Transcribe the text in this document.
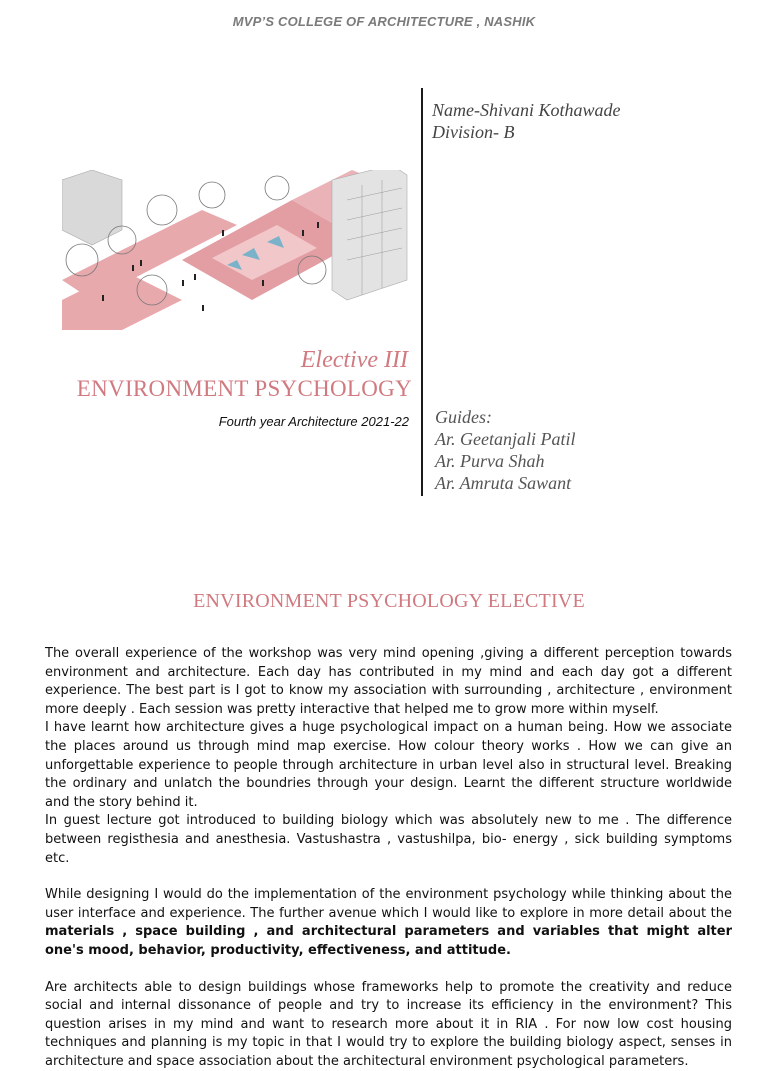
MVP’S COLLEGE OF ARCHITECTURE , NASHIK
Name-Shivani Kothawade
Division- B
Elective III
ENVIRONMENT PSYCHOLOGY
Fourth year Architecture 2021-22 Guides:
Ar. Geetanjali Patil
Ar. Purva Shah
Ar. Amruta Sawant
ENVIRONMENT PSYCHOLOGY ELECTIVE

The overall experience of the workshop was very mind opening ,giving a different perception towards environment and architecture. Each day has contributed in my mind and each day got a different experience. The best part is I got to know my association with surrounding , architecture , environment more deeply . Each session was pretty interactive that helped me to grow more within myself.

I have learnt how architecture gives a huge psychological impact on a human being. How we associate the places around us through mind map exercise. How colour theory works . How we can give an unforgettable experience to people through architecture in urban level also in structural level. Breaking the ordinary and unlatch the boundries through your design. Learnt the different structure worldwide and the story behind it.

In guest lecture got introduced to building biology which was absolutely new to me . The difference between registhesia and anesthesia. Vastushastra , vastushilpa, bio- energy , sick building symptoms etc.

While designing I would do the implementation of the environment psychology while thinking about the user interface and experience. The further avenue which I would like to explore in more detail about the materials , space building , and architectural parameters and variables that might alter one's mood, behavior, productivity, effectiveness, and attitude.

Are architects able to design buildings whose frameworks help to promote the creativity and reduce social and internal dissonance of people and try to increase its efficiency in the environment? This question arises in my mind and want to research more about it in RIA . For now low cost housing techniques and planning is my topic in that I would try to explore the building biology aspect, senses in architecture and space association about the architectural environment psychological parameters.
